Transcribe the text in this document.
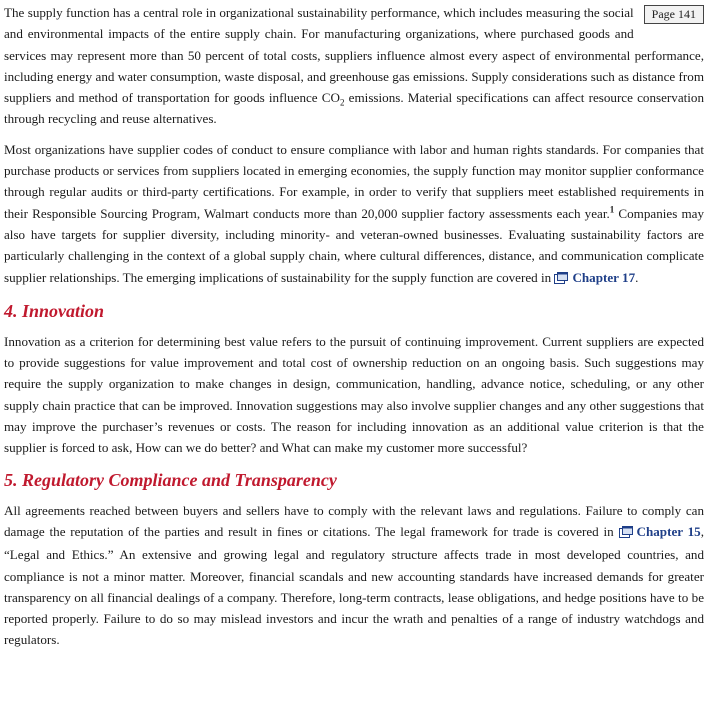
Page 141
The supply function has a central role in organizational sustainability performance, which includes measuring the social and environmental impacts of the entire supply chain. For manufacturing organizations, where purchased goods and services may represent more than 50 percent of total costs, suppliers influence almost every aspect of environmental performance, including energy and water consumption, waste disposal, and greenhouse gas emissions. Supply considerations such as distance from suppliers and method of transportation for goods influence $CO_2$ emissions. Material specifications can affect resource conservation through recycling and reuse alternatives.

Most organizations have supplier codes of conduct to ensure compliance with labor and human rights standards. For companies that purchase products or services from suppliers located in emerging economies, the supply function may monitor supplier conformance through regular audits or third-party certifications. For example, in order to verify that suppliers meet established requirements in their Responsible Sourcing Program, Walmart conducts more than 20,000 supplier factory assessments each year.$^1$ Companies may also have targets for supplier diversity, including minority- and veteran-owned businesses. Evaluating sustainability factors are particularly challenging in the context of a global supply chain, where cultural differences, distance, and communication complicate supplier relationships. The emerging implications of sustainability for the supply function are covered in Chapter 17.

4. Innovation

Innovation as a criterion for determining best value refers to the pursuit of continuing improvement. Current suppliers are expected to provide suggestions for value improvement and total cost of ownership reduction on an ongoing basis. Such suggestions may require the supply organization to make changes in design, communication, handling, advance notice, scheduling, or any other supply chain practice that can be improved. Innovation suggestions may also involve supplier changes and any other suggestions that may improve the purchaser’s revenues or costs. The reason for including innovation as an additional value criterion is that the supplier is forced to ask, How can we do better? and What can make my customer more successful?

5. Regulatory Compliance and Transparency

All agreements reached between buyers and sellers have to comply with the relevant laws and regulations. Failure to comply can damage the reputation of the parties and result in fines or citations. The legal framework for trade is covered in Chapter 15, “Legal and Ethics.” An extensive and growing legal and regulatory structure affects trade in most developed countries, and compliance is not a minor matter. Moreover, financial scandals and new accounting standards have increased demands for greater transparency on all financial dealings of a company. Therefore, long-term contracts, lease obligations, and hedge positions have to be reported properly. Failure to do so may mislead investors and incur the wrath and penalties of a range of industry watchdogs and regulators.
